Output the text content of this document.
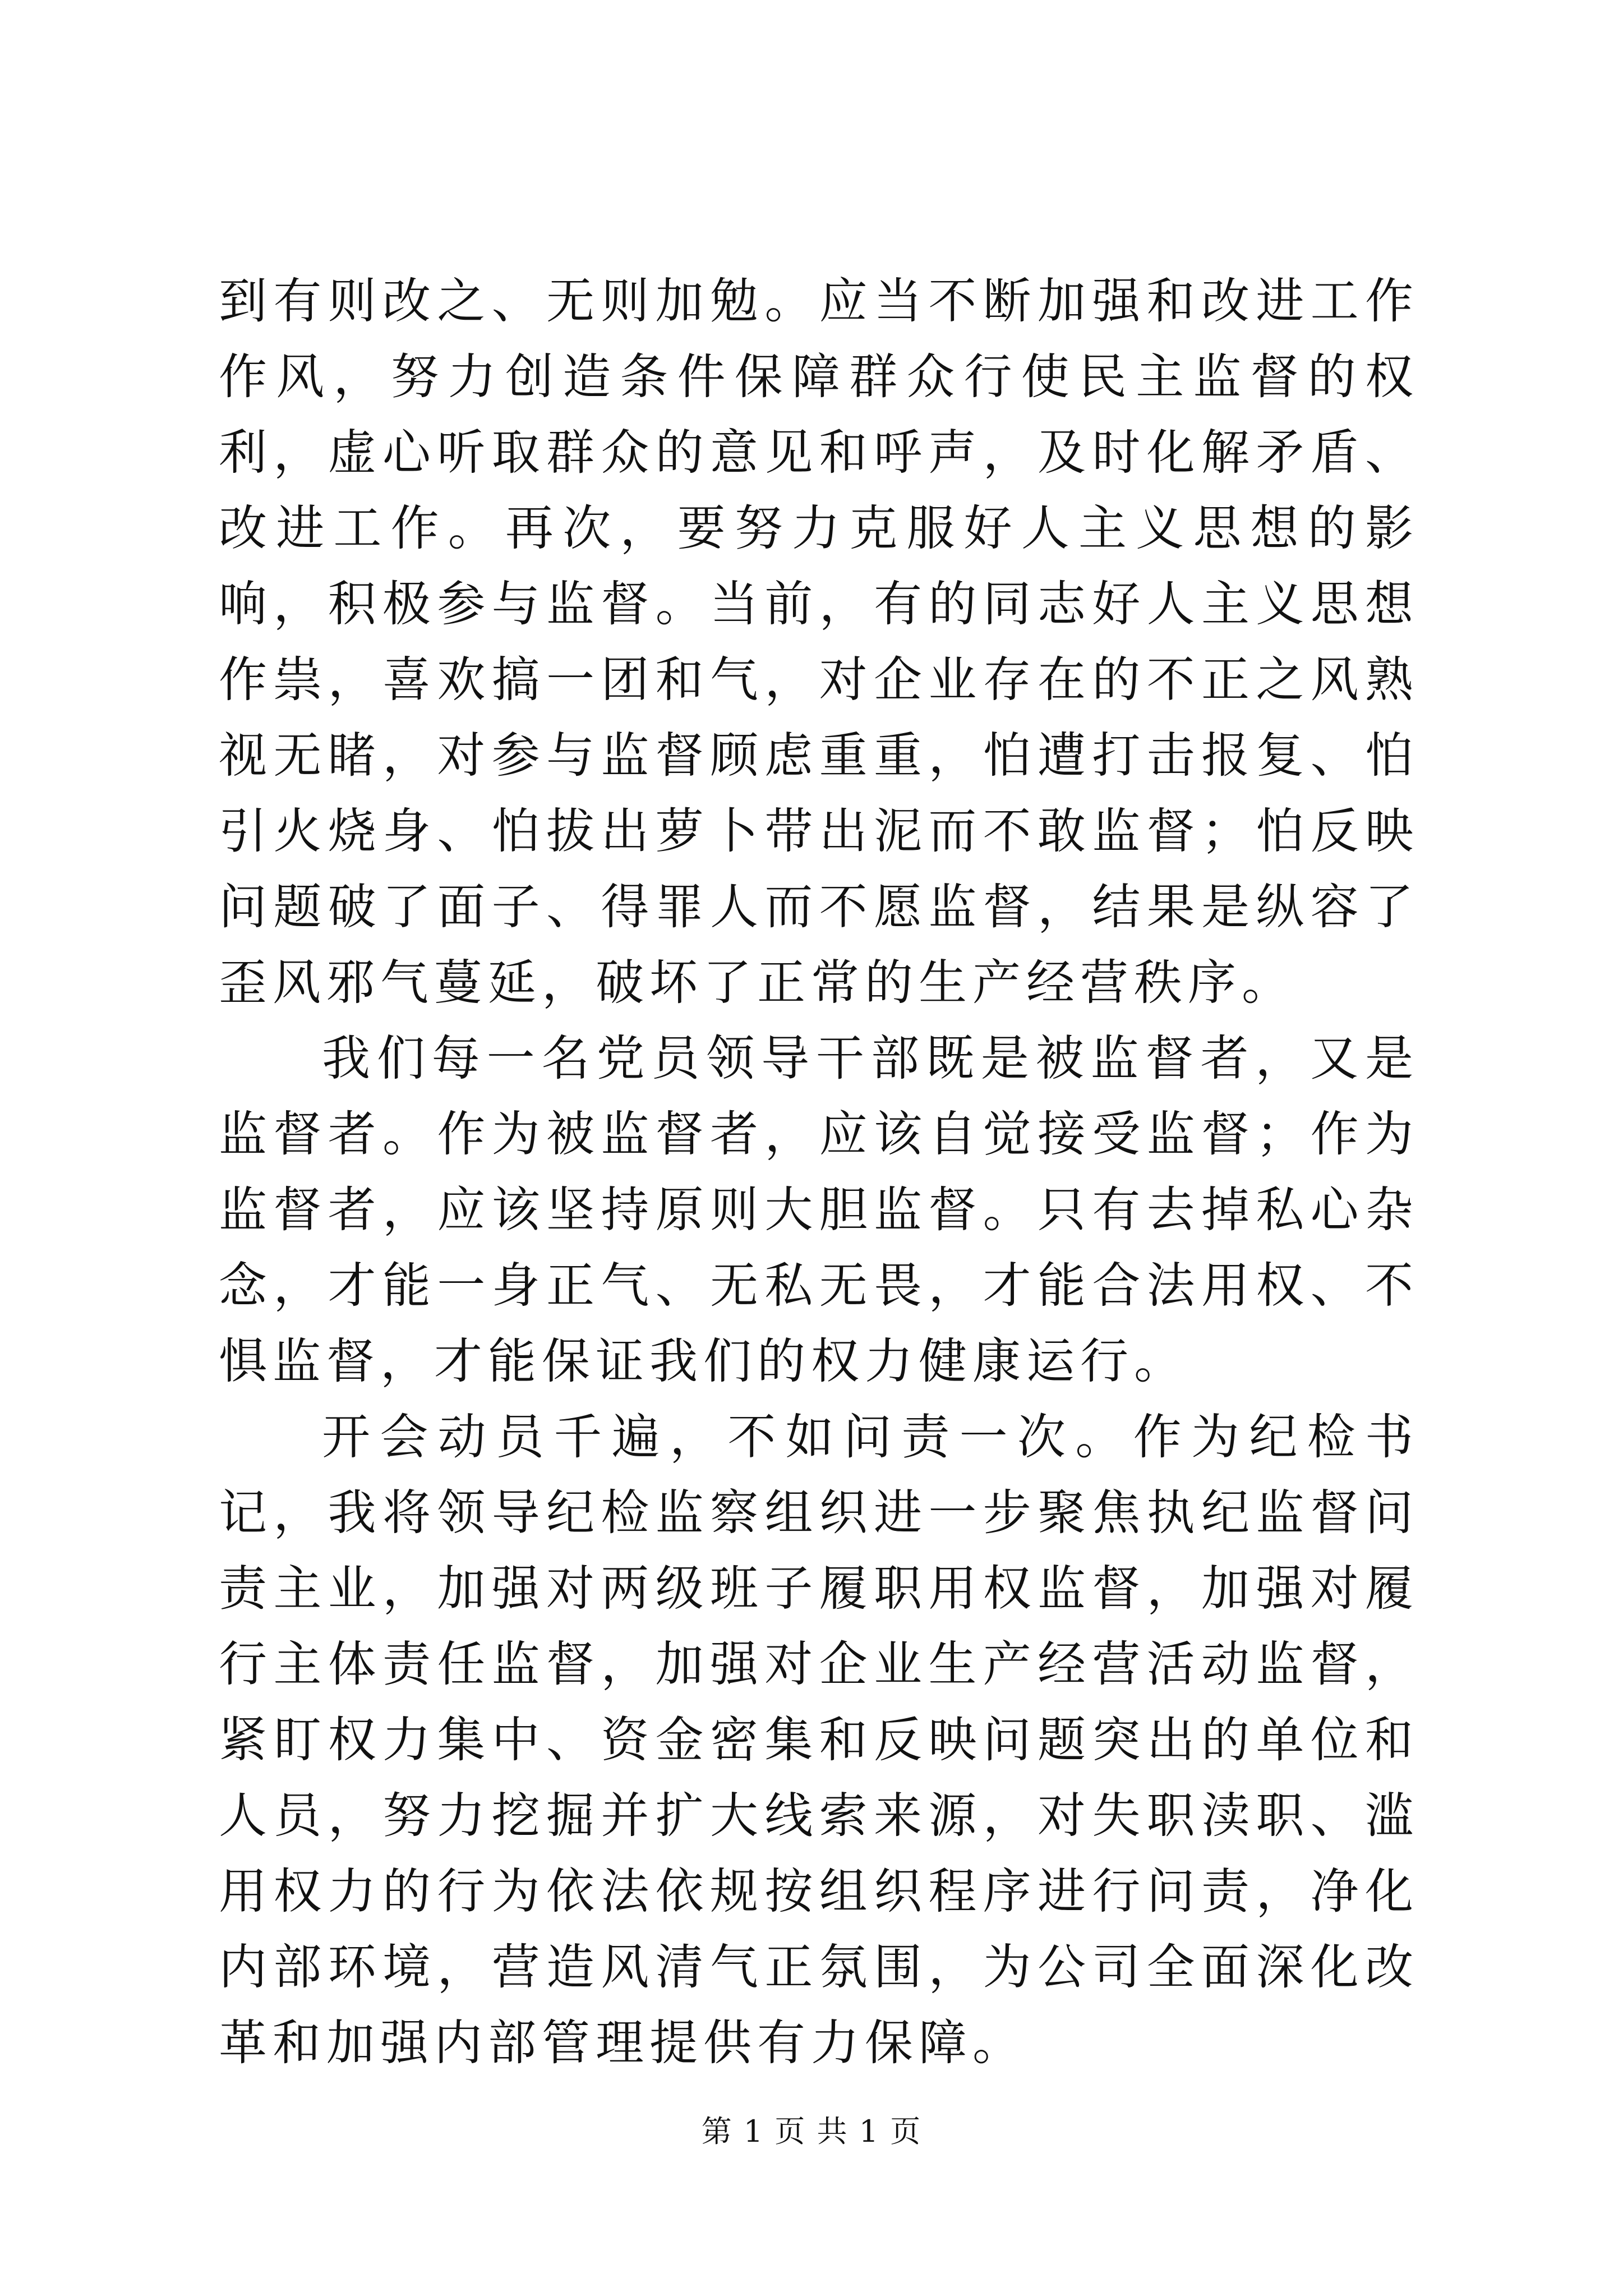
到有则改之、无则加勉。应当不断加强和改进工作作风，努力创造条件保障群众行使民主监督的权利，虚心听取群众的意见和呼声，及时化解矛盾、改进工作。再次，要努力克服好人主义思想的影响，积极参与监督。当前，有的同志好人主义思想作祟，喜欢搞一团和气，对企业存在的不正之风熟视无睹，对参与监督顾虑重重，怕遭打击报复、怕引火烧身、怕拔出萝卜带出泥而不敢监督；怕反映问题破了面子、得罪人而不愿监督，结果是纵容了歪风邪气蔓延，破坏了正常的生产经营秩序。

我们每一名党员领导干部既是被监督者，又是监督者。作为被监督者，应该自觉接受监督；作为监督者，应该坚持原则大胆监督。只有去掉私心杂念，才能一身正气、无私无畏，才能合法用权、不惧监督，才能保证我们的权力健康运行。

开会动员千遍，不如问责一次。作为纪检书记，我将领导纪检监察组织进一步聚焦执纪监督问责主业，加强对两级班子履职用权监督，加强对履行主体责任监督，加强对企业生产经营活动监督，紧盯权力集中、资金密集和反映问题突出的单位和人员，努力挖掘并扩大线索来源，对失职渎职、滥用权力的行为依法依规按组织程序进行问责，净化内部环境，营造风清气正氛围，为公司全面深化改革和加强内部管理提供有力保障。

第 1 页 共 1 页
